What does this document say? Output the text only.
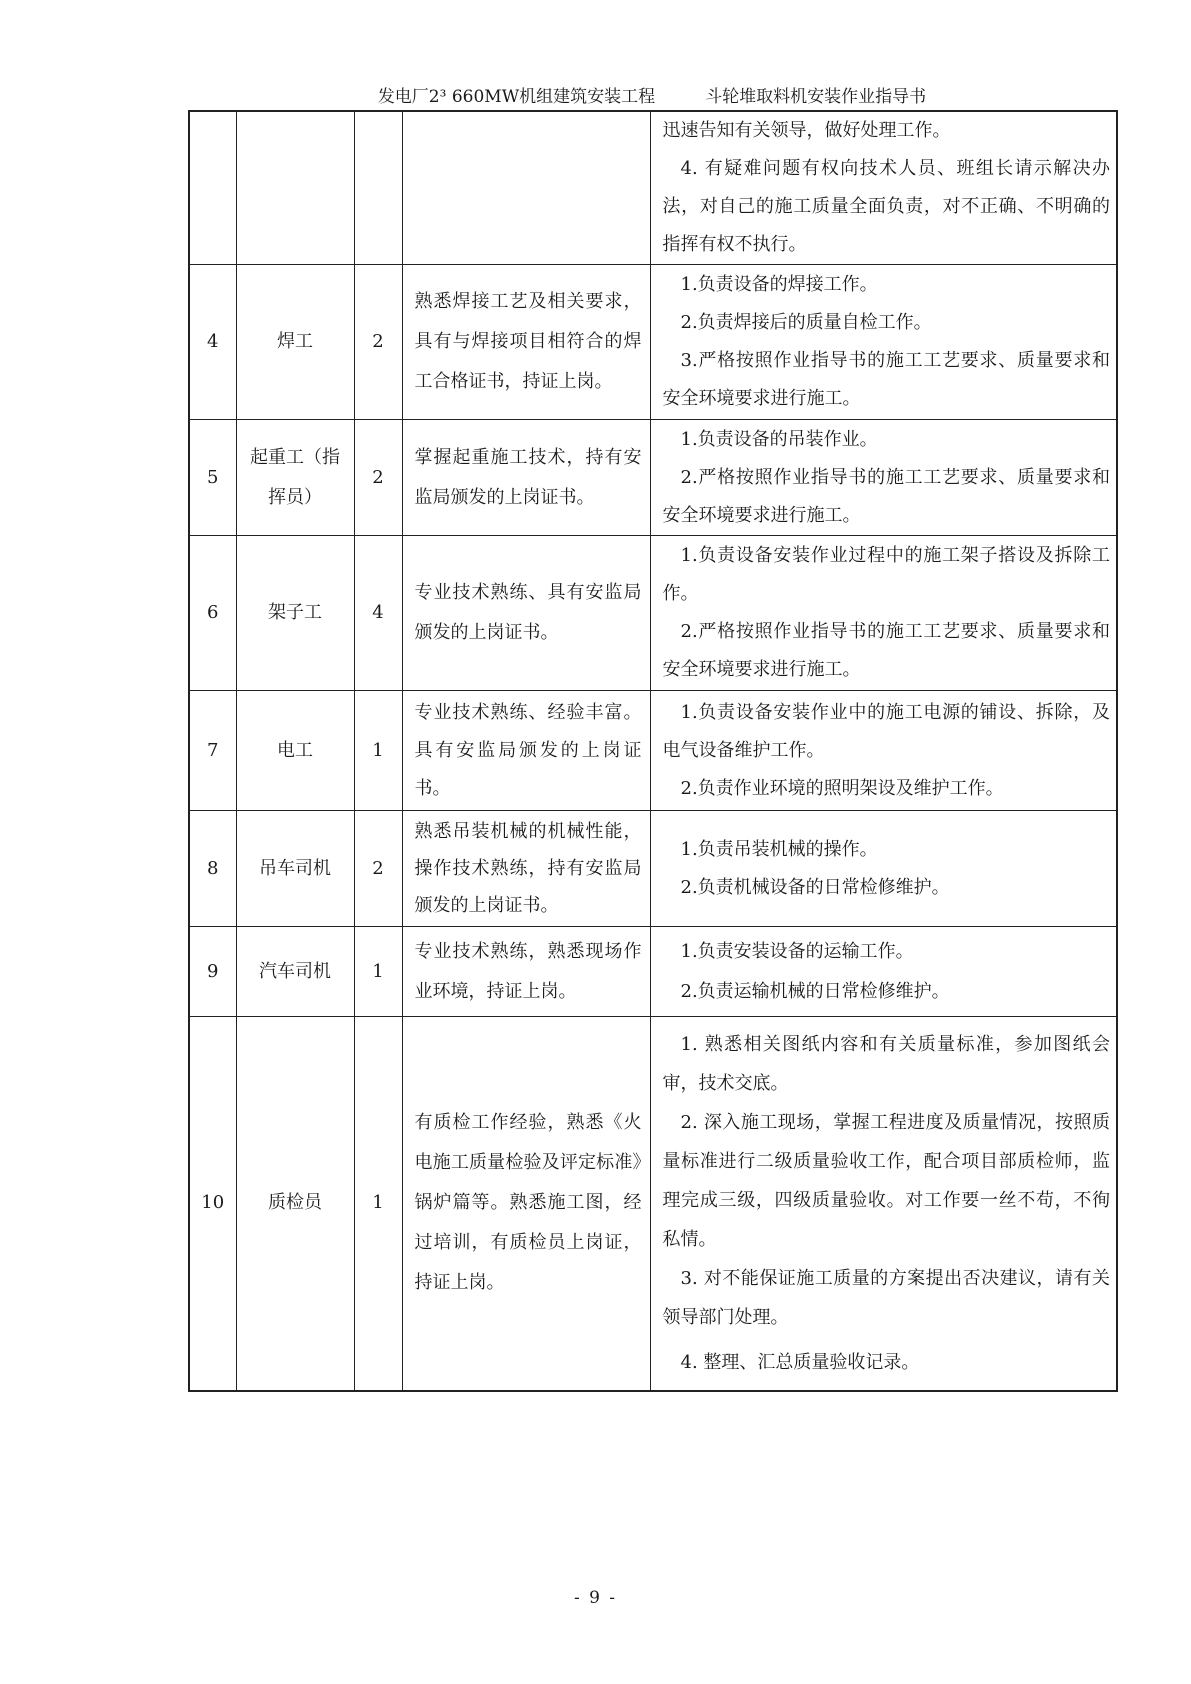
发电厂2³ 660MW机组建筑安装工程	斗轮堆取料机安装作业指导书

				迅速告知有关领导，做好处理工作。
4. 有疑难问题有权向技术人员、班组长请示解决办法，对自己的施工质量全面负责，对不正确、不明确的指挥有权不执行。

4	焊工	2	熟悉焊接工艺及相关要求，具有与焊接项目相符合的焊工合格证书，持证上岗。	1.负责设备的焊接工作。
2.负责焊接后的质量自检工作。
3.严格按照作业指导书的施工工艺要求、质量要求和安全环境要求进行施工。

5	起重工（指挥员）	2	掌握起重施工技术，持有安监局颁发的上岗证书。	1.负责设备的吊装作业。
2.严格按照作业指导书的施工工艺要求、质量要求和安全环境要求进行施工。

6	架子工	4	专业技术熟练、具有安监局颁发的上岗证书。	1.负责设备安装作业过程中的施工架子搭设及拆除工作。
2.严格按照作业指导书的施工工艺要求、质量要求和安全环境要求进行施工。

7	电工	1	专业技术熟练、经验丰富。具有安监局颁发的上岗证书。	1.负责设备安装作业中的施工电源的铺设、拆除，及电气设备维护工作。
2.负责作业环境的照明架设及维护工作。

8	吊车司机	2	熟悉吊装机械的机械性能，操作技术熟练，持有安监局颁发的上岗证书。	1.负责吊装机械的操作。
2.负责机械设备的日常检修维护。

9	汽车司机	1	专业技术熟练，熟悉现场作业环境，持证上岗。	1.负责安装设备的运输工作。
2.负责运输机械的日常检修维护。

10	质检员	1	有质检工作经验，熟悉《火电施工质量检验及评定标准》锅炉篇等。熟悉施工图，经过培训，有质检员上岗证，持证上岗。	1. 熟悉相关图纸内容和有关质量标准，参加图纸会审，技术交底。
2. 深入施工现场，掌握工程进度及质量情况，按照质量标准进行二级质量验收工作，配合项目部质检师，监理完成三级，四级质量验收。对工作要一丝不苟，不徇私情。
3. 对不能保证施工质量的方案提出否决建议，请有关领导部门处理。
4. 整理、汇总质量验收记录。
- 9 -
